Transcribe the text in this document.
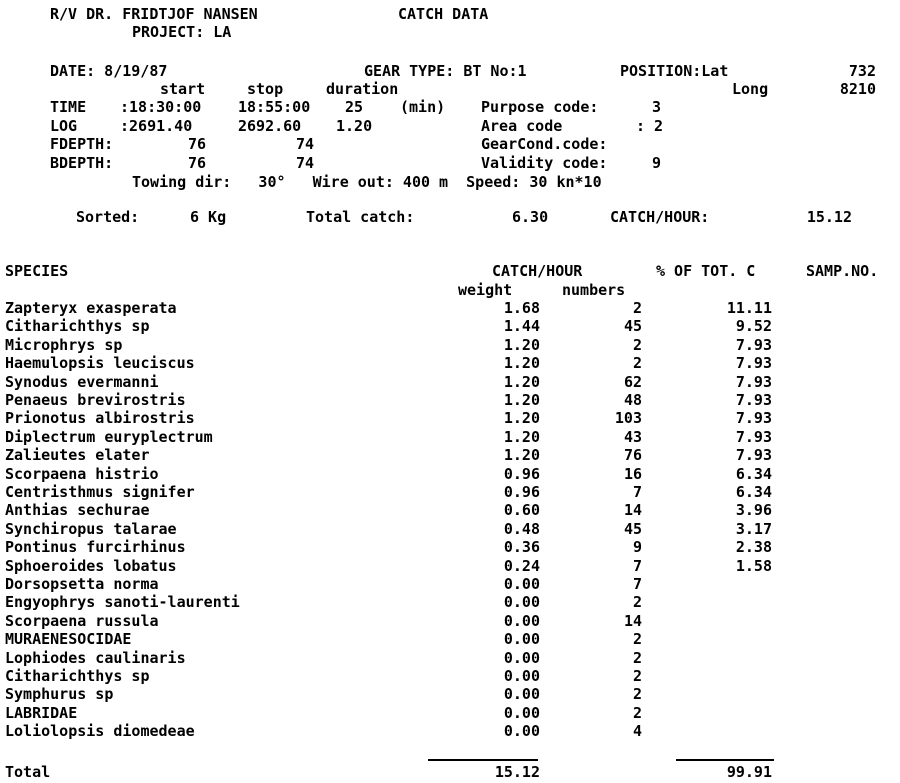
R/V DR. FRIDTJOF NANSEN	CATCH DATA
PROJECT: LA
DATE: 8/19/87	GEAR TYPE: BT No:1	POSITION:Lat	732
Long	8210
start	stop	duration
TIME :18:30:00 18:55:00 25 (min) Purpose code:	3
LOG	:2691.40	2692.60 1.20	Area code	: 2
FDEPTH:	76	74	GearCond.code:
BDEPTH:	76	74	Validity code:	9
Towing dir:   30°   Wire out: 400 m  Speed: 30 kn*10
Sorted:	6 Kg	Total catch:	6.30	CATCH/HOUR:	15.12
SPECIES	CATCH/HOUR	% OF TOT. C	SAMP.NO.
weight	numbers
Zapteryx exasperata	1.68	2	11.11
Citharichthys sp	1.44	45	9.52
Microphrys sp	1.20	2	7.93
Haemulopsis leuciscus	1.20	2	7.93
Synodus evermanni	1.20	62	7.93
Penaeus brevirostris	1.20	48	7.93
Prionotus albirostris	1.20	103	7.93
Diplectrum euryplectrum	1.20	43	7.93
Zalieutes elater	1.20	76	7.93
Scorpaena histrio	0.96	16	6.34
Centristhmus signifer	0.96	7	6.34
Anthias sechurae	0.60	14	3.96
Synchiropus talarae	0.48	45	3.17
Pontinus furcirhinus	0.36	9	2.38
Sphoeroides lobatus	0.24	7	1.58
Dorsopsetta norma	0.00	7
Engyophrys sanoti-laurenti	0.00	2
Scorpaena russula	0.00	14
MURAENESOCIDAE	0.00	2
Lophiodes caulinaris	0.00	2
Citharichthys sp	0.00	2
Symphurus sp	0.00	2
LABRIDAE	0.00	2
Loliolopsis diomedeae	0.00	4
Total	15.12	99.91
